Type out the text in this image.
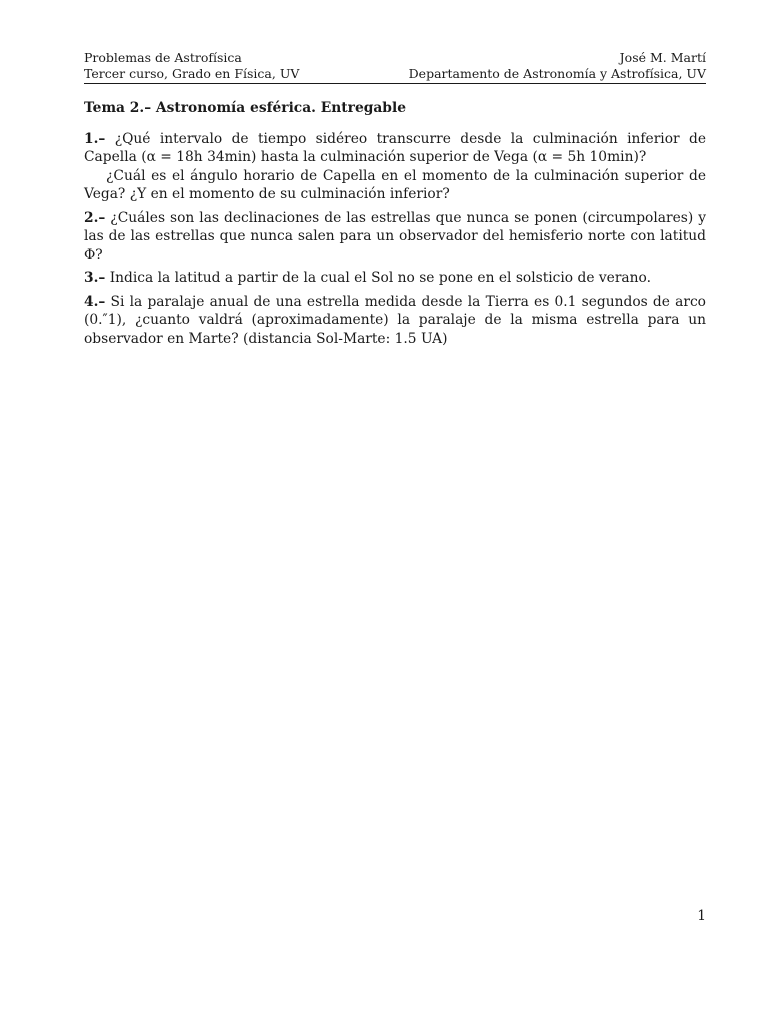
Problemas de Astrofísica	José M. Martí
Tercer curso, Grado en Física, UV	Departamento de Astronomía y Astrofísica, UV
Tema 2.– Astronomía esférica. Entregable

1.– ¿Qué intervalo de tiempo sidéreo transcurre desde la culminación inferior de Capella (α = 18h 34min) hasta la culminación superior de Vega (α = 5h 10min)?

¿Cuál es el ángulo horario de Capella en el momento de la culminación superior de Vega? ¿Y en el momento de su culminación inferior?

2.– ¿Cuáles son las declinaciones de las estrellas que nunca se ponen (circumpolares) y las de las estrellas que nunca salen para un observador del hemisferio norte con latitud Φ?

3.– Indica la latitud a partir de la cual el Sol no se pone en el solsticio de verano.

4.– Si la paralaje anual de una estrella medida desde la Tierra es 0.1 segundos de arco (0.″1), ¿cuanto valdrá (aproximadamente) la paralaje de la misma estrella para un observador en Marte? (distancia Sol-Marte: 1.5 UA)

1
